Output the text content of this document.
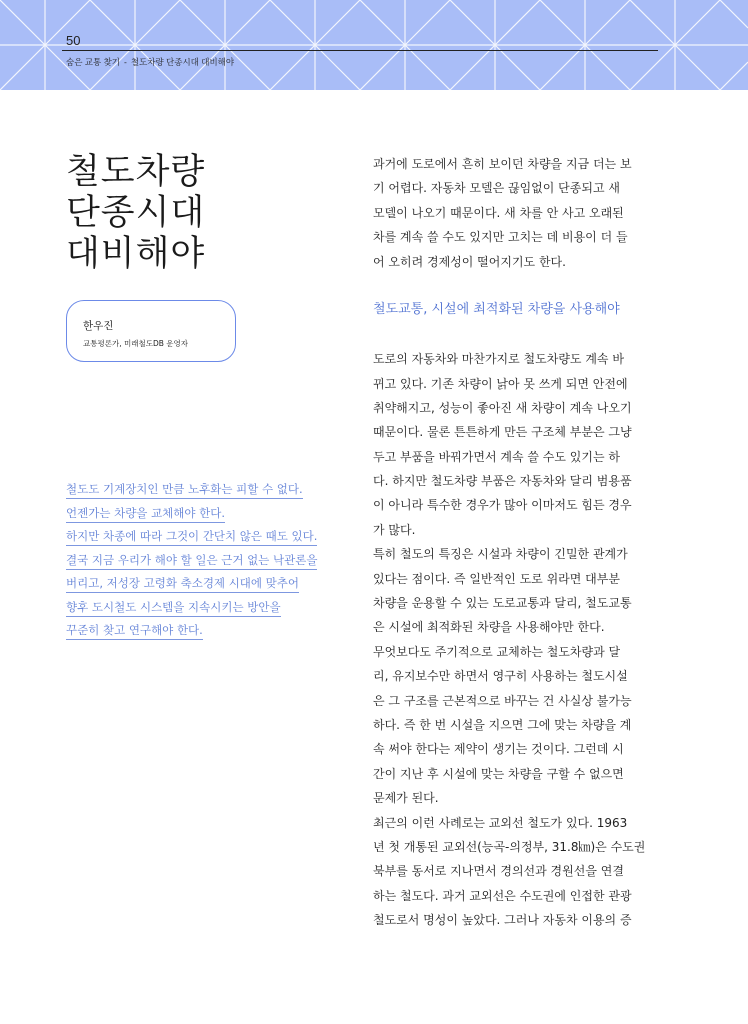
50
숨은 교통 찾기 - 철도차량 단종시대 대비해야
철도차량
단종시대
대비해야
한우진
교통평론가, 미래철도DB 운영자
철도도 기계장치인 만큼 노후화는 피할 수 없다.
언젠가는 차량을 교체해야 한다.
하지만 차종에 따라 그것이 간단치 않은 때도 있다.
결국 지금 우리가 해야 할 일은 근거 없는 낙관론을
버리고, 저성장 고령화 축소경제 시대에 맞추어
향후 도시철도 시스템을 지속시키는 방안을
꾸준히 찾고 연구해야 한다.
과거에 도로에서 흔히 보이던 차량을 지금 더는 보
기 어렵다. 자동차 모델은 끊임없이 단종되고 새
모델이 나오기 때문이다. 새 차를 안 사고 오래된
차를 계속 쓸 수도 있지만 고치는 데 비용이 더 들
어 오히려 경제성이 떨어지기도 한다.
철도교통, 시설에 최적화된 차량을 사용해야
도로의 자동차와 마찬가지로 철도차량도 계속 바
뀌고 있다. 기존 차량이 낡아 못 쓰게 되면 안전에
취약해지고, 성능이 좋아진 새 차량이 계속 나오기
때문이다. 물론 튼튼하게 만든 구조체 부분은 그냥
두고 부품을 바꿔가면서 계속 쓸 수도 있기는 하
다. 하지만 철도차량 부품은 자동차와 달리 범용품
이 아니라 특수한 경우가 많아 이마저도 힘든 경우
가 많다.
특히 철도의 특징은 시설과 차량이 긴밀한 관계가
있다는 점이다. 즉 일반적인 도로 위라면 대부분
차량을 운용할 수 있는 도로교통과 달리, 철도교통
은 시설에 최적화된 차량을 사용해야만 한다.
무엇보다도 주기적으로 교체하는 철도차량과 달
리, 유지보수만 하면서 영구히 사용하는 철도시설
은 그 구조를 근본적으로 바꾸는 건 사실상 불가능
하다. 즉 한 번 시설을 지으면 그에 맞는 차량을 계
속 써야 한다는 제약이 생기는 것이다. 그런데 시
간이 지난 후 시설에 맞는 차량을 구할 수 없으면
문제가 된다.
최근의 이런 사례로는 교외선 철도가 있다. 1963
년 첫 개통된 교외선(능곡-의정부, 31.8㎞)은 수도권
북부를 동서로 지나면서 경의선과 경원선을 연결
하는 철도다. 과거 교외선은 수도권에 인접한 관광
철도로서 명성이 높았다. 그러나 자동차 이용의 증
